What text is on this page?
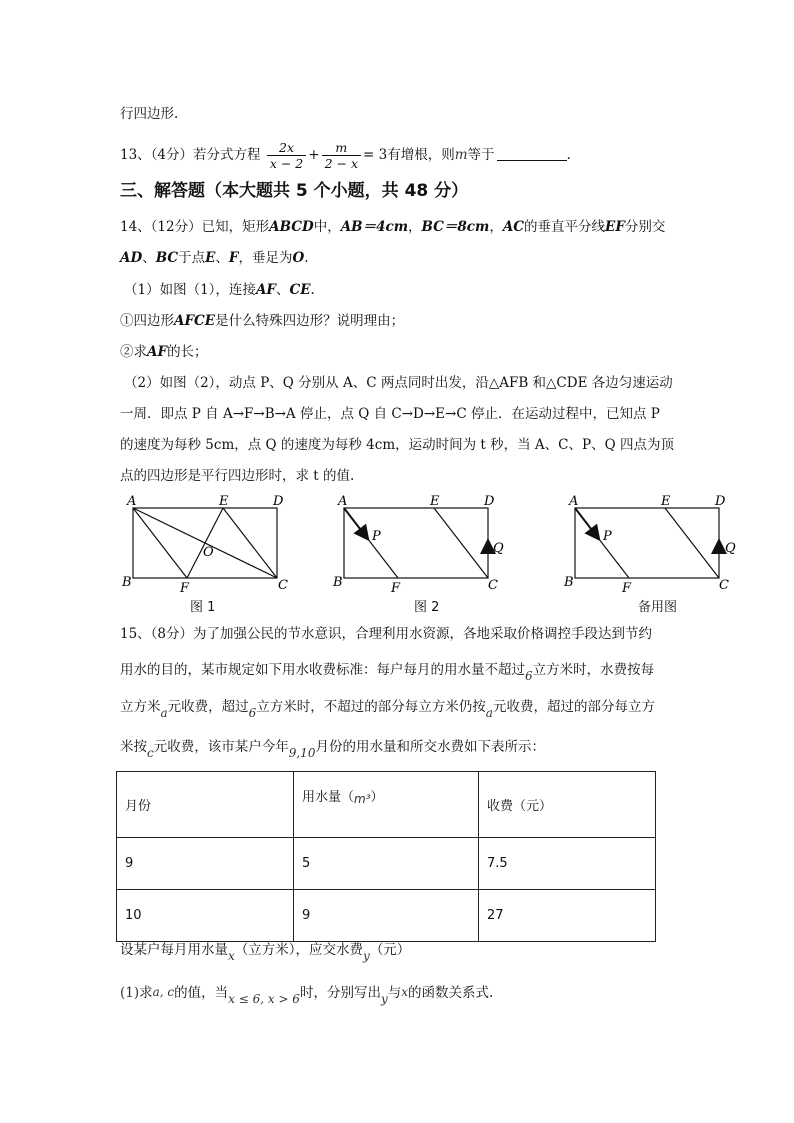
行四边形.
13、（4分）若分式方程 $\frac{2x}{x - 2} + \frac{m}{2 - x} = 3$有增根，则m等于	.
三、解答题（本大题共 5 个小题，共 48 分）
14、（12分）已知，矩形ABCD中，AB＝4cm，BC＝8cm，AC的垂直平分线EF分别交
AD、BC于点E、F，垂足为O.
（1）如图（1），连接AF、CE.
①四边形AFCE是什么特殊四边形？说明理由；
②求AF的长；
（2）如图（2），动点 P、Q 分别从 A、C 两点同时出发，沿△AFB 和△CDE 各边匀速运动
一周．即点 P 自 A→F→B→A 停止，点 Q 自 C→D→E→C 停止．在运动过程中，已知点 P
的速度为每秒 5cm，点 Q 的速度为每秒 4cm，运动时间为 t 秒，当 A、C、P、Q 四点为顶
点的四边形是平行四边形时，求 t 的值.
A	E	D
O
B	F	C
A	E	D
P
Q
B	F	C
A	E	D
P
Q
B	F	C
图 1	图 2	备用图
15、（8分）为了加强公民的节水意识，合理利用水资源，各地采取价格调控手段达到节约
用水的目的，某市规定如下用水收费标准：每户每月的用水量不超过6立方米时，水费按每
立方米a元收费，超过6立方米时，不超过的部分每立方米仍按a元收费，超过的部分每立方
米按c元收费，该市某户今年9,10月份的用水量和所交水费如下表所示：
月份	用水量（m³）	收费（元）
9	5	7.5
10	9	27
设某户每月用水量x（立方米），应交水费y（元）
(1)求a, c的值，当x ≤ 6, x > 6时，分别写出y与x的函数关系式.
